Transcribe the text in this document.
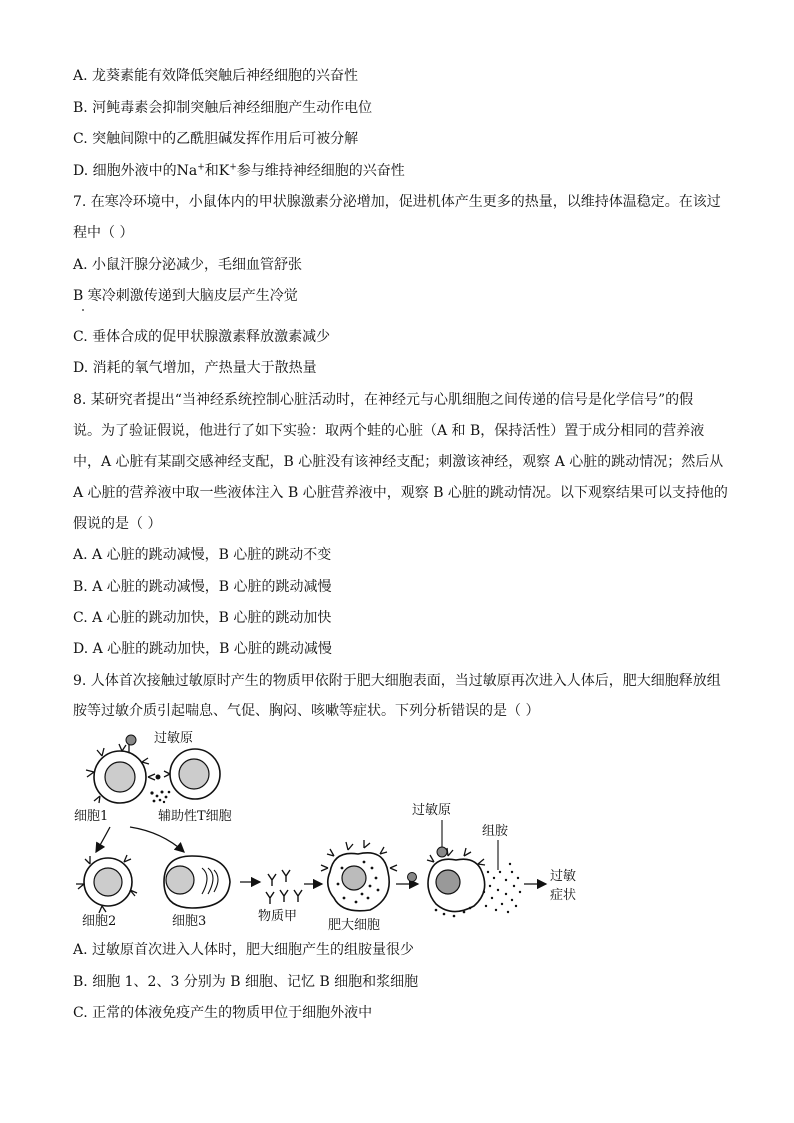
A. 龙葵素能有效降低突触后神经细胞的兴奋性
B. 河鲀毒素会抑制突触后神经细胞产生动作电位
C. 突触间隙中的乙酰胆碱发挥作用后可被分解
D. 细胞外液中的Na+和K+参与维持神经细胞的兴奋性
7. 在寒冷环境中，小鼠体内的甲状腺激素分泌增加，促进机体产生更多的热量，以维持体温稳定。在该过
程中（ ）
A. 小鼠汗腺分泌减少，毛细血管舒张
B 寒冷刺激传递到大脑皮层产生冷觉
C. 垂体合成的促甲状腺激素释放激素减少
D. 消耗的氧气增加，产热量大于散热量
8. 某研究者提出“当神经系统控制心脏活动时，在神经元与心肌细胞之间传递的信号是化学信号”的假
说。为了验证假说，他进行了如下实验：取两个蛙的心脏（A 和 B，保持活性）置于成分相同的营养液
中，A 心脏有某副交感神经支配，B 心脏没有该神经支配；刺激该神经，观察 A 心脏的跳动情况；然后从
A 心脏的营养液中取一些液体注入 B 心脏营养液中，观察 B 心脏的跳动情况。以下观察结果可以支持他的
假说的是（ ）
A. A 心脏的跳动减慢，B 心脏的跳动不变
B. A 心脏的跳动减慢，B 心脏的跳动减慢
C. A 心脏的跳动加快，B 心脏的跳动加快
D. A 心脏的跳动加快，B 心脏的跳动减慢
9. 人体首次接触过敏原时产生的物质甲依附于肥大细胞表面，当过敏原再次进入人体后，肥大细胞释放组
胺等过敏介质引起喘息、气促、胸闷、咳嗽等症状。下列分析错误的是（ ）
过敏原
细胞1	辅助性T细胞
细胞2	细胞3	物质甲
肥大细胞
过敏原
组胺
过敏
症状
A. 过敏原首次进入人体时，肥大细胞产生的组胺量很少
B. 细胞 1、2、3 分别为 B 细胞、记忆 B 细胞和浆细胞
C. 正常的体液免疫产生的物质甲位于细胞外液中
